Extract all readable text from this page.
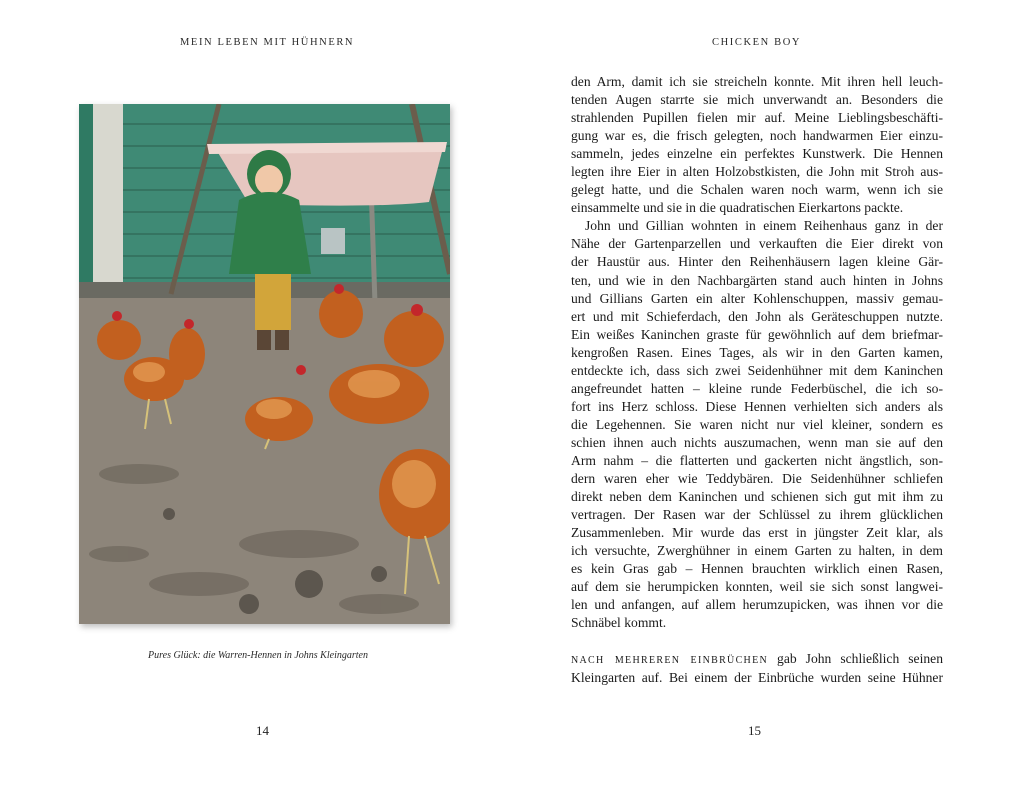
MEIN LEBEN MIT HÜHNERN
Pures Glück: die Warren-Hennen in Johns Kleingarten
14
CHICKEN BOY
den Arm, damit ich sie streicheln konnte. Mit ihren hell leuch-
tenden Augen starrte sie mich unverwandt an. Besonders die
strahlenden Pupillen fielen mir auf. Meine Lieblingsbeschäfti-
gung war es, die frisch gelegten, noch handwarmen Eier einzu-
sammeln, jedes einzelne ein perfektes Kunstwerk. Die Hennen
legten ihre Eier in alten Holzobstkisten, die John mit Stroh aus-
gelegt hatte, und die Schalen waren noch warm, wenn ich sie
einsammelte und sie in die quadratischen Eierkartons packte.
John und Gillian wohnten in einem Reihenhaus ganz in der
Nähe der Gartenparzellen und verkauften die Eier direkt von
der Haustür aus. Hinter den Reihenhäusern lagen kleine Gär-
ten, und wie in den Nachbargärten stand auch hinten in Johns
und Gillians Garten ein alter Kohlenschuppen, massiv gemau-
ert und mit Schieferdach, den John als Geräteschuppen nutzte.
Ein weißes Kaninchen graste für gewöhnlich auf dem briefmar-
kengroßen Rasen. Eines Tages, als wir in den Garten kamen,
entdeckte ich, dass sich zwei Seidenhühner mit dem Kaninchen
angefreundet hatten – kleine runde Federbüschel, die ich so-
fort ins Herz schloss. Diese Hennen verhielten sich anders als
die Legehennen. Sie waren nicht nur viel kleiner, sondern es
schien ihnen auch nichts auszumachen, wenn man sie auf den
Arm nahm – die flatterten und gackerten nicht ängstlich, son-
dern waren eher wie Teddybären. Die Seidenhühner schliefen
direkt neben dem Kaninchen und schienen sich gut mit ihm zu
vertragen. Der Rasen war der Schlüssel zu ihrem glücklichen
Zusammenleben. Mir wurde das erst in jüngster Zeit klar, als
ich versuchte, Zwerghühner in einem Garten zu halten, in dem
es kein Gras gab – Hennen brauchten wirklich einen Rasen,
auf dem sie herumpicken konnten, weil sie sich sonst langwei-
len und anfangen, auf allem herumzupicken, was ihnen vor die
Schnäbel kommt.
nach mehreren einbrüchen gab John schließlich seinen
Kleingarten auf. Bei einem der Einbrüche wurden seine Hühner
15
